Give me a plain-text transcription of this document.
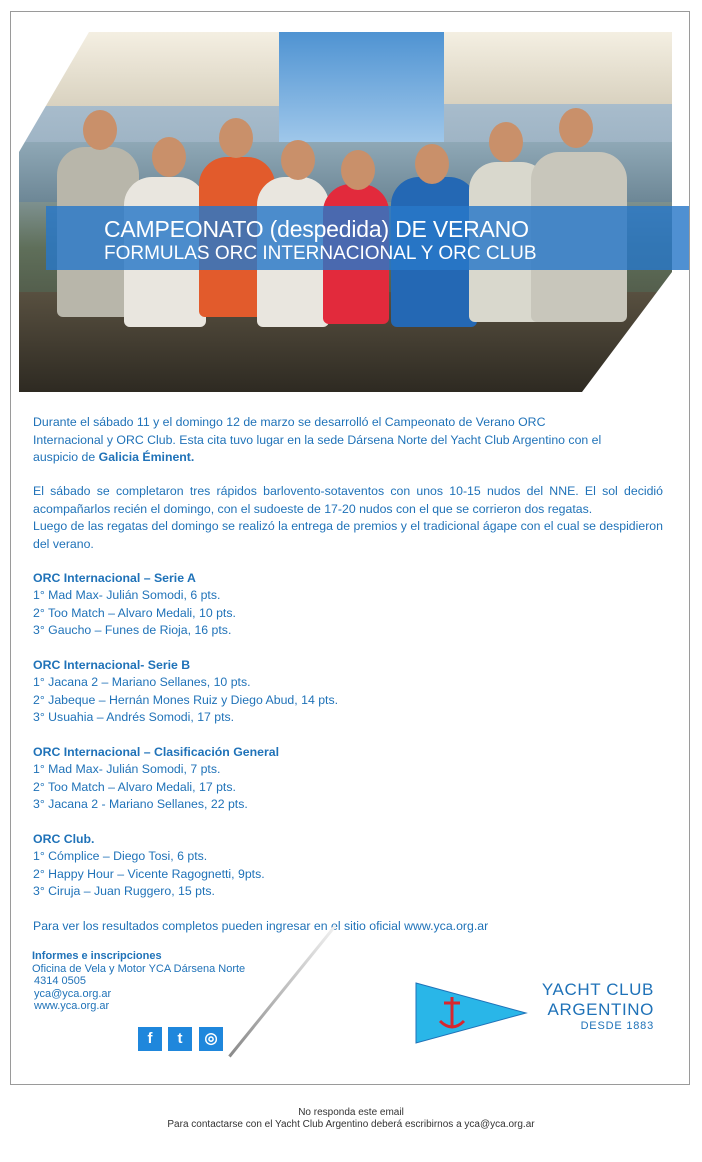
CAMPEONATO (despedida) DE VERANO
FORMULAS ORC INTERNACIONAL Y ORC CLUB

Durante el sábado 11 y el domingo 12 de marzo se desarrolló el Campeonato de Verano ORC

Internacional y ORC Club. Esta cita tuvo lugar en la sede Dársena Norte del Yacht Club Argentino con el

auspicio de Galicia Éminent.

El sábado se completaron tres rápidos barlovento-sotaventos con unos 10-15 nudos del NNE. El sol decidió acompañarlos recién el domingo, con el sudoeste de 17-20 nudos con el que se corrieron dos regatas.

Luego de las regatas del domingo se realizó la entrega de premios y el tradicional ágape con el cual se despidieron del verano.

ORC Internacional – Serie A
1° Mad Max- Julián Somodi, 6 pts.
2° Too Match – Alvaro Medali, 10 pts.
3° Gaucho – Funes de Rioja, 16 pts.
ORC Internacional- Serie B
1° Jacana 2 – Mariano Sellanes, 10 pts.
2° Jabeque – Hernán Mones Ruiz y Diego Abud, 14 pts.
3° Usuahia – Andrés Somodi, 17 pts.
ORC Internacional – Clasificación General
1° Mad Max- Julián Somodi, 7 pts.
2° Too Match – Alvaro Medali, 17 pts.
3° Jacana 2 - Mariano Sellanes, 22 pts.
ORC Club.
1° Cómplice – Diego Tosi, 6 pts.
2° Happy Hour – Vicente Ragognetti, 9pts.
3° Ciruja – Juan Ruggero, 15 pts.
Para ver los resultados completos pueden ingresar en el sitio oficial www.yca.org.ar
Informes e inscripciones
Oficina de Vela y Motor YCA Dársena Norte
4314 0505
yca@yca.org.ar
www.yca.org.ar
f	t	◎
YACHT CLUB
ARGENTINO
DESDE 1883
No responda este email
Para contactarse con el Yacht Club Argentino deberá escribirnos a yca@yca.org.ar
